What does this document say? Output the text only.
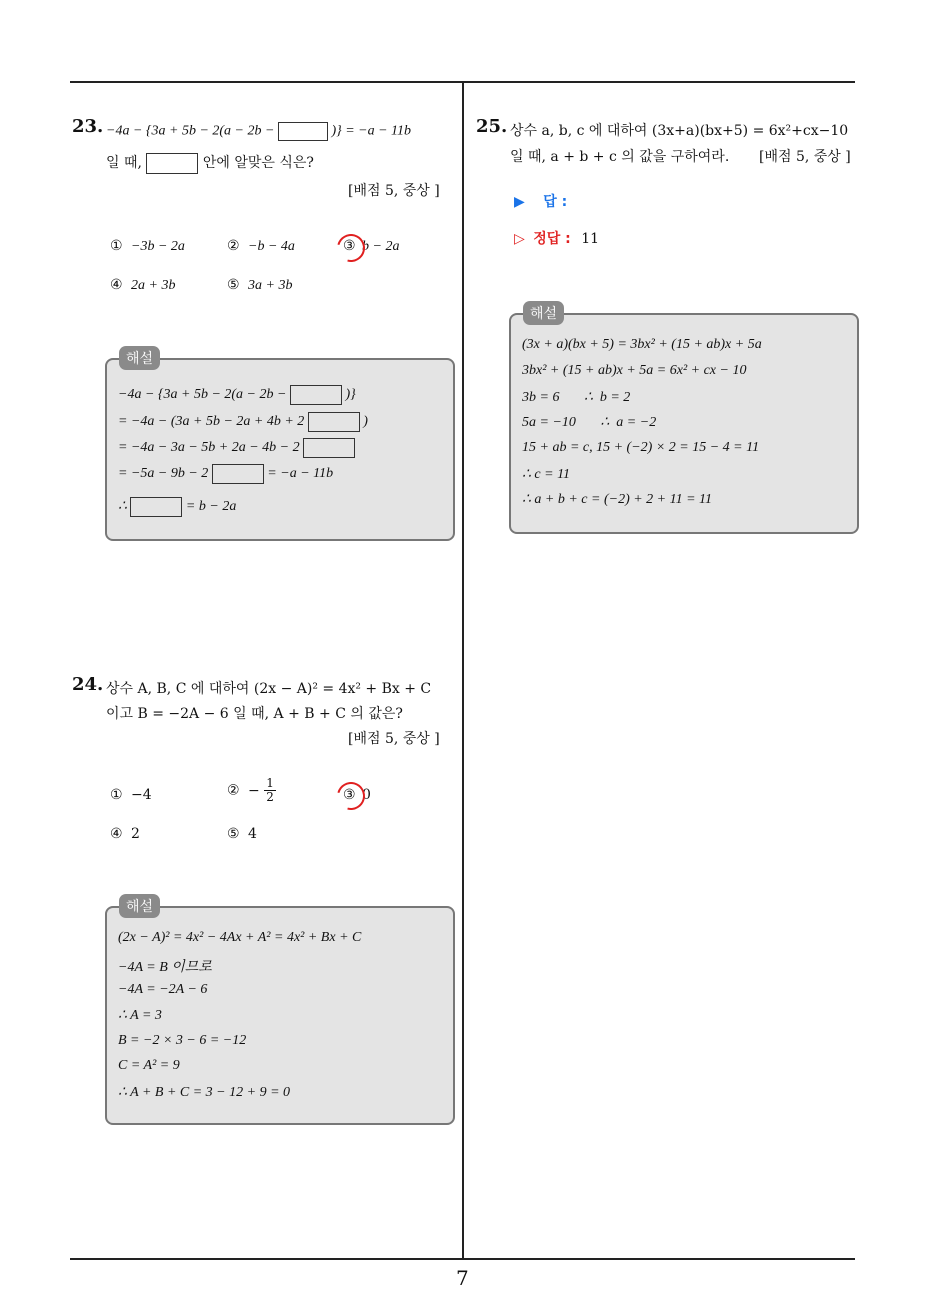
23. −4a − {3a + 5b − 2(a − 2b −	)} = −a − 11b
일 때,	안에 알맞은 식은?
[배점 5, 중상 ]
① −3b − 2a	② −b − 4a	③ b − 2a
④ 2a + 3b	⑤ 3a + 3b
해설
−4a − {3a + 5b − 2(a − 2b −	)}
= −4a − (3a + 5b − 2a + 4b + 2	)
= −4a − 3a − 5b + 2a − 4b − 2
= −5a − 9b − 2	= −a − 11b
∴	= b − 2a
24. 상수 A, B, C 에 대하여 (2x − A)² = 4x² + Bx + C
이고 B = −2A − 6 일 때, A + B + C 의 값은?
[배점 5, 중상 ]
① −4	② − $\frac{1}{2}$	③ 0
④ 2	⑤ 4
해설
(2x − A)² = 4x² − 4Ax + A² = 4x² + Bx + C
−4A = B 이므로
−4A = −2A − 6
∴ A = 3
B = −2 × 3 − 6 = −12
C = A² = 9
∴ A + B + C = 3 − 12 + 9 = 0
25. 상수 a, b, c 에 대하여 (3x+a)(bx+5) = 6x²+cx−10
일 때, a + b + c 의 값을 구하여라. [배점 5, 중상 ]
▶ 답 :
▷ 정답 : 11
해설
(3x + a)(bx + 5) = 3bx² + (15 + ab)x + 5a
3bx² + (15 + ab)x + 5a = 6x² + cx − 10
3b = 6       ∴  b = 2
5a = −10       ∴  a = −2
15 + ab = c, 15 + (−2) × 2 = 15 − 4 = 11
∴ c = 11
∴ a + b + c = (−2) + 2 + 11 = 11
7
